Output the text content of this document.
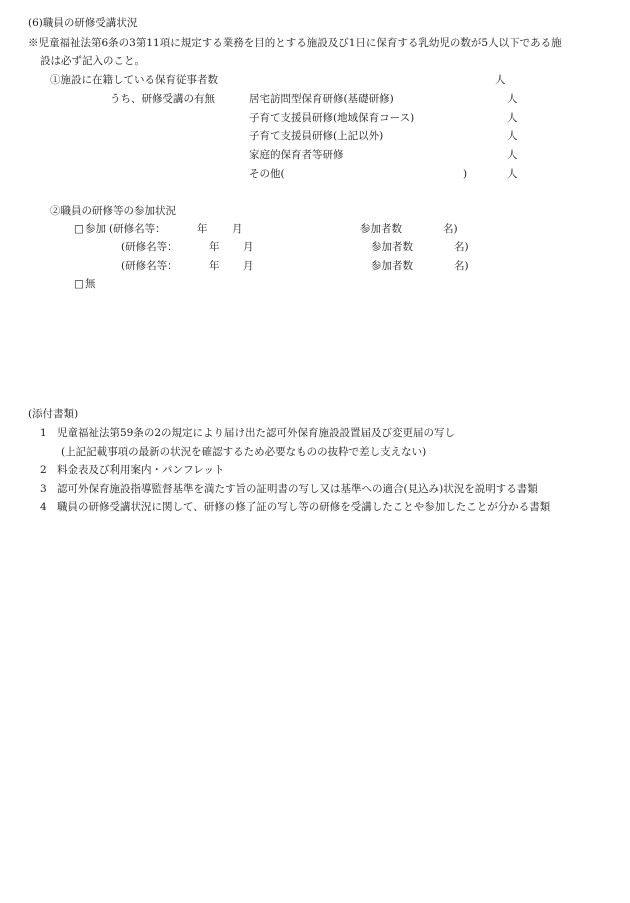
(6)職員の研修受講状況
※児童福祉法第6条の3第11項に規定する業務を目的とする施設及び1日に保育する乳幼児の数が5人以下である施
設は必ず記入のこと。
①施設に在籍している保育従事者数	人
うち、研修受講の有無	居宅訪問型保育研修(基礎研修)	人
子育て支援員研修(地域保育コース)	人
子育て支援員研修(上記以外)	人
家庭的保育者等研修	人
その他(	)	人
②職員の研修等の参加状況
□ 参加 (研修名等：	年 月	参加者数	名)
(研修名等：	年 月	参加者数	名)
(研修名等：	年 月	参加者数	名)
□ 無
(添付書類)
1 児童福祉法第59条の2の規定により届け出た認可外保育施設設置届及び変更届の写し
(上記記載事項の最新の状況を確認するため必要なものの抜粋で差し支えない)
2 料金表及び利用案内・パンフレット
3 認可外保育施設指導監督基準を満たす旨の証明書の写し又は基準への適合(見込み)状況を説明する書類
4 職員の研修受講状況に関して、研修の修了証の写し等の研修を受講したことや参加したことが分かる書類
